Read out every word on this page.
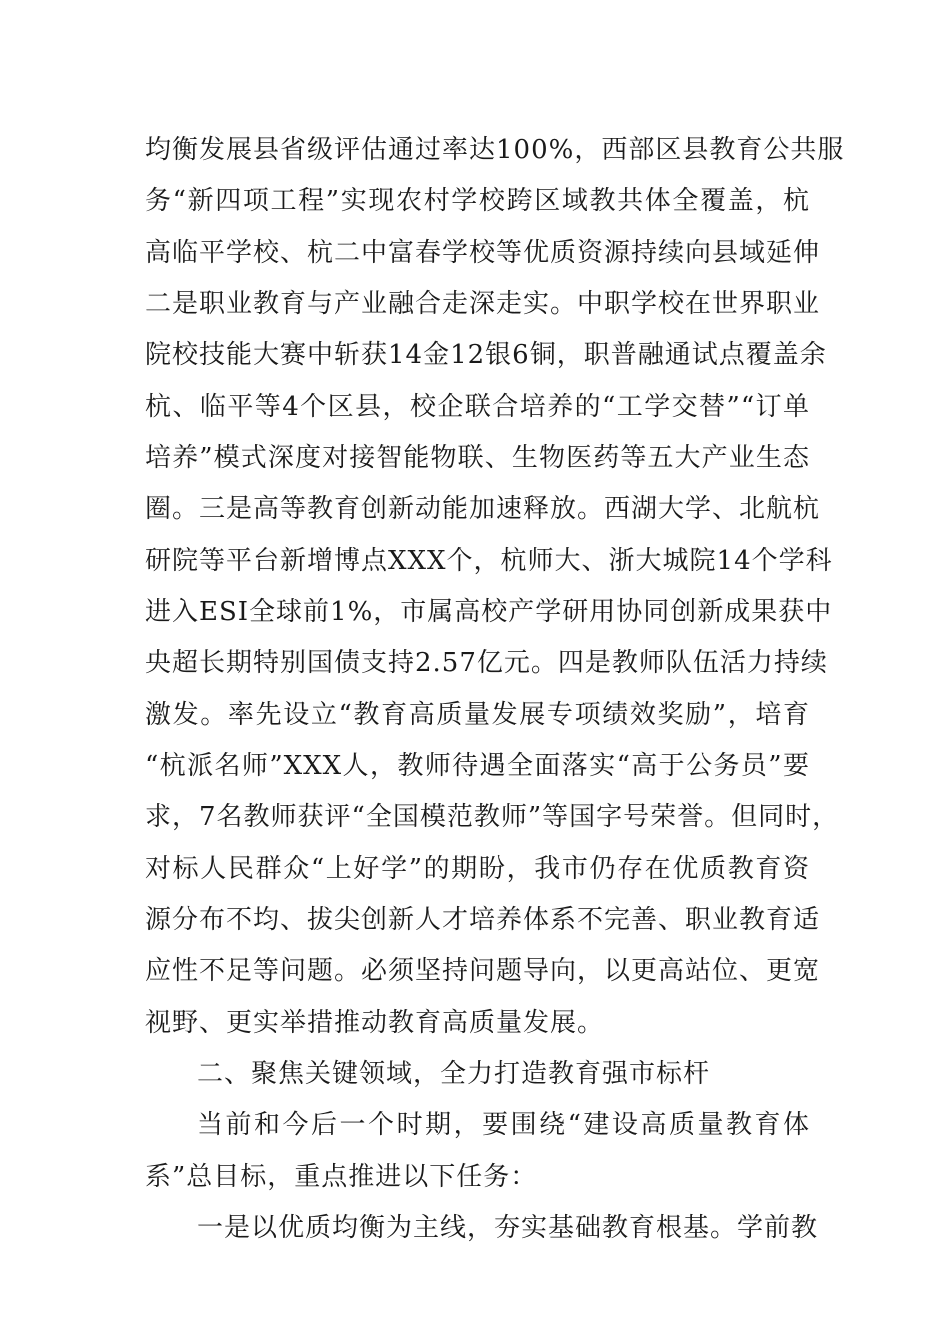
均衡发展县省级评估通过率达100%，西部区县教育公共服
务“新四项工程”实现农村学校跨区域教共体全覆盖，杭
高临平学校、杭二中富春学校等优质资源持续向县域延伸
二是职业教育与产业融合走深走实。中职学校在世界职业
院校技能大赛中斩获14金12银6铜，职普融通试点覆盖余
杭、临平等4个区县，校企联合培养的“工学交替”“订单
培养”模式深度对接智能物联、生物医药等五大产业生态
圈。三是高等教育创新动能加速释放。西湖大学、北航杭
研院等平台新增博点XXX个，杭师大、浙大城院14个学科
进入ESI全球前1%，市属高校产学研用协同创新成果获中
央超长期特别国债支持2.57亿元。四是教师队伍活力持续
激发。率先设立“教育高质量发展专项绩效奖励”，培育
“杭派名师”XXX人，教师待遇全面落实“高于公务员”要
求，7名教师获评“全国模范教师”等国字号荣誉。但同时，
对标人民群众“上好学”的期盼，我市仍存在优质教育资
源分布不均、拔尖创新人才培养体系不完善、职业教育适
应性不足等问题。必须坚持问题导向，以更高站位、更宽
视野、更实举措推动教育高质量发展。
二、聚焦关键领域，全力打造教育强市标杆
当前和今后一个时期，要围绕“建设高质量教育体
系”总目标，重点推进以下任务：
一是以优质均衡为主线，夯实基础教育根基。学前教
